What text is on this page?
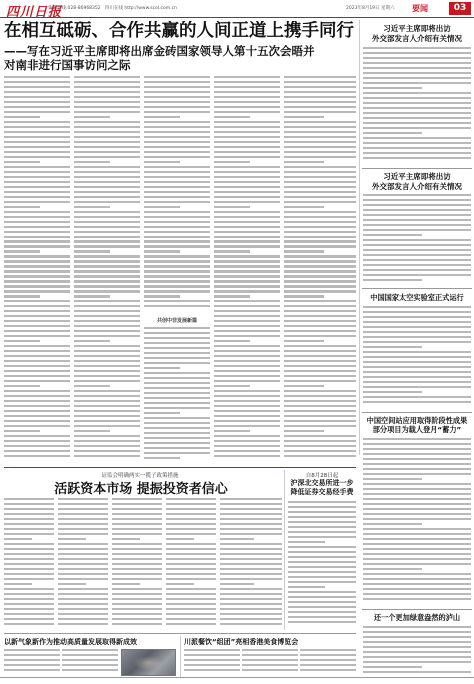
四川日报
新闻热线:028-86968352 四川在线 http://www.scol.com.cn	2023年8月19日 星期六 要闻	03
在相互砥砺、合作共赢的人间正道上携手同行
——写在习近平主席即将出席金砖国家领导人第十五次会晤并
对南非进行国事访问之际
共创中非发展新篇
习近平主席即将出访
外交部发言人介绍有关情况
习近平主席即将出访
外交部发言人介绍有关情况
中国国家太空实验室正式运行
中国空间站应用取得阶段性成果
部分项目为载人登月“蓄力”
还一个更加绿意盎然的泸山
证监会明确两实一揽子政策措施
活跃资本市场 提振投资者信心
自8月28日起
沪深北交易所进一步
降低证券交易经手费
以新气象新作为推动高质量发展取得新成效	川派餐饮“组团”亮相香港美食博览会
